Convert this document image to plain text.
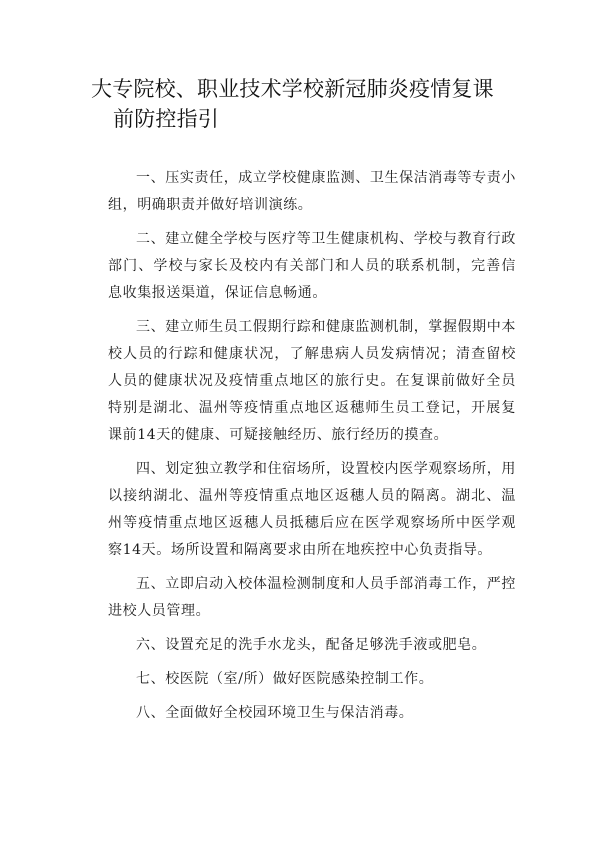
大专院校、职业技术学校新冠肺炎疫情复课
前防控指引

一、压实责任，成立学校健康监测、卫生保洁消毒等专责小组，明确职责并做好培训演练。

二、建立健全学校与医疗等卫生健康机构、学校与教育行政部门、学校与家长及校内有关部门和人员的联系机制，完善信息收集报送渠道，保证信息畅通。

三、建立师生员工假期行踪和健康监测机制，掌握假期中本校人员的行踪和健康状况，了解患病人员发病情况；清查留校人员的健康状况及疫情重点地区的旅行史。在复课前做好全员特别是湖北、温州等疫情重点地区返穗师生员工登记，开展复课前14天的健康、可疑接触经历、旅行经历的摸查。

四、划定独立教学和住宿场所，设置校内医学观察场所，用以接纳湖北、温州等疫情重点地区返穗人员的隔离。湖北、温州等疫情重点地区返穗人员抵穗后应在医学观察场所中医学观察14天。场所设置和隔离要求由所在地疾控中心负责指导。

五、立即启动入校体温检测制度和人员手部消毒工作，严控进校人员管理。

六、设置充足的洗手水龙头，配备足够洗手液或肥皂。

七、校医院（室/所）做好医院感染控制工作。

八、全面做好全校园环境卫生与保洁消毒。
